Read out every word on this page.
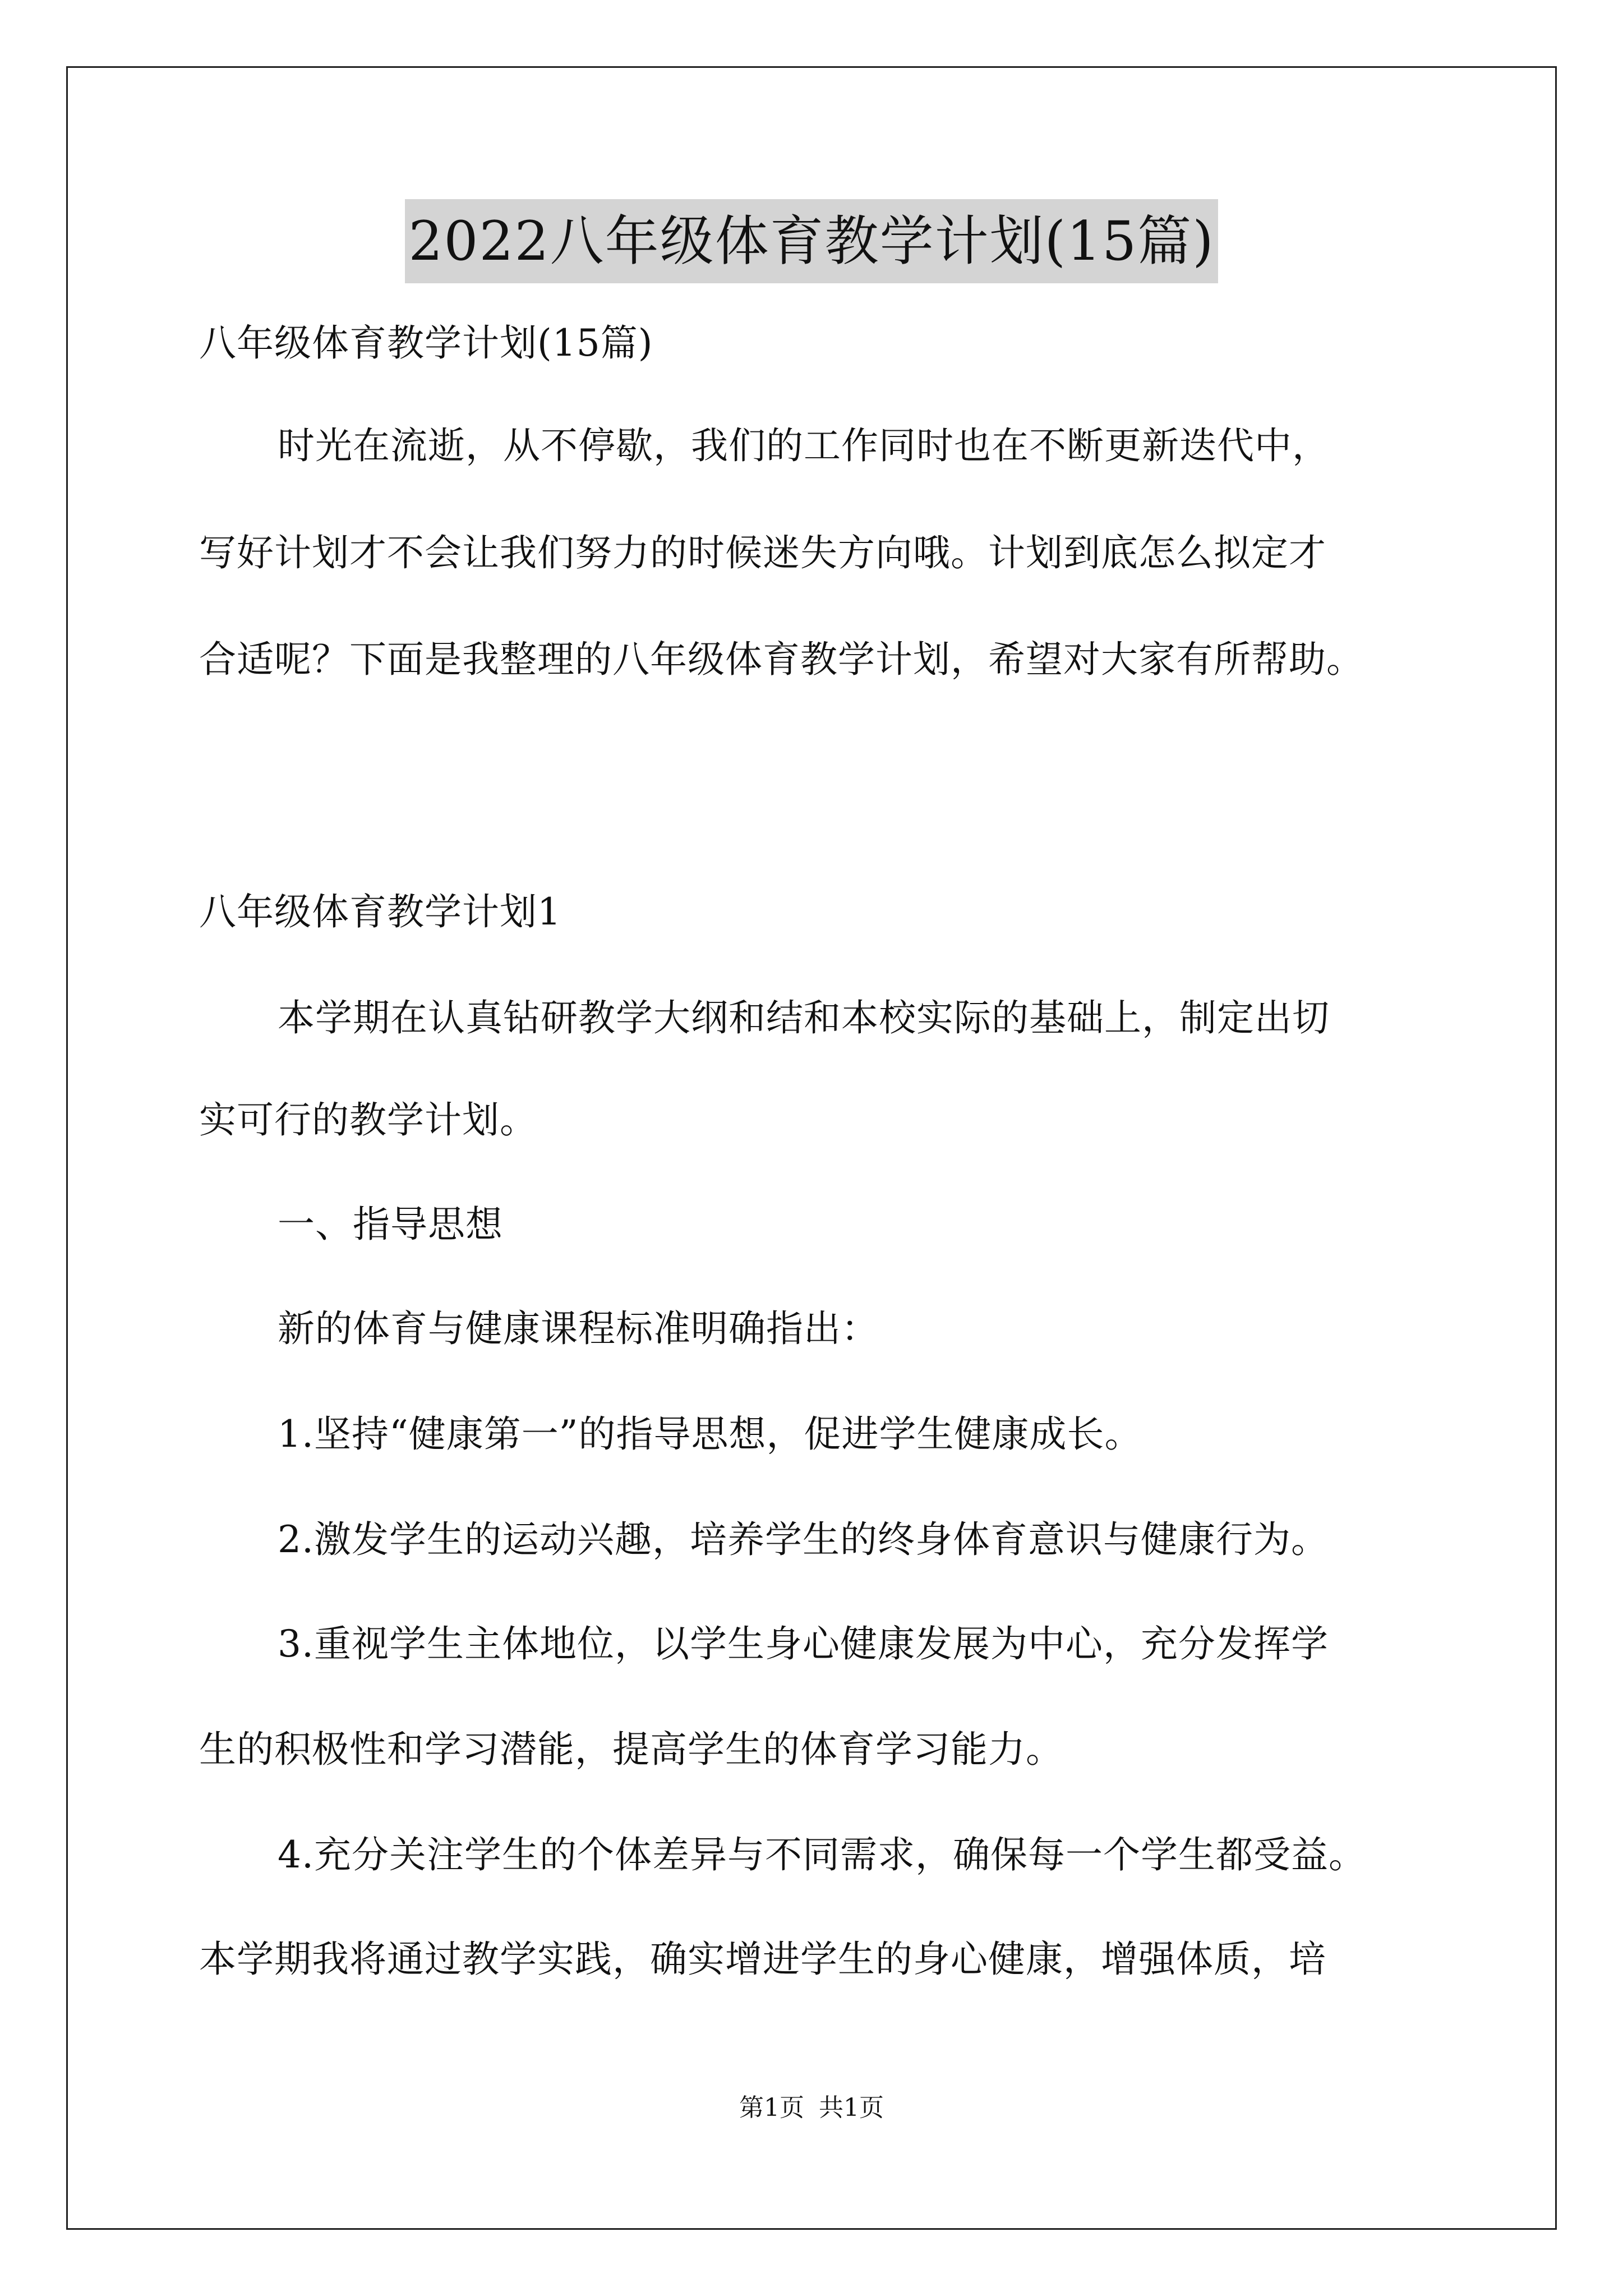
2022八年级体育教学计划(15篇)
八年级体育教学计划(15篇)
时光在流逝，从不停歇，我们的工作同时也在不断更新迭代中，
写好计划才不会让我们努力的时候迷失方向哦。计划到底怎么拟定才
合适呢？下面是我整理的八年级体育教学计划，希望对大家有所帮助。
八年级体育教学计划1
本学期在认真钻研教学大纲和结和本校实际的基础上，制定出切
实可行的教学计划。
一、指导思想
新的体育与健康课程标准明确指出：
1.坚持“健康第一”的指导思想，促进学生健康成长。
2.激发学生的运动兴趣，培养学生的终身体育意识与健康行为。
3.重视学生主体地位，以学生身心健康发展为中心，充分发挥学
生的积极性和学习潜能，提高学生的体育学习能力。
4.充分关注学生的个体差异与不同需求，确保每一个学生都受益。
本学期我将通过教学实践，确实增进学生的身心健康，增强体质，培
第1页 共1页
